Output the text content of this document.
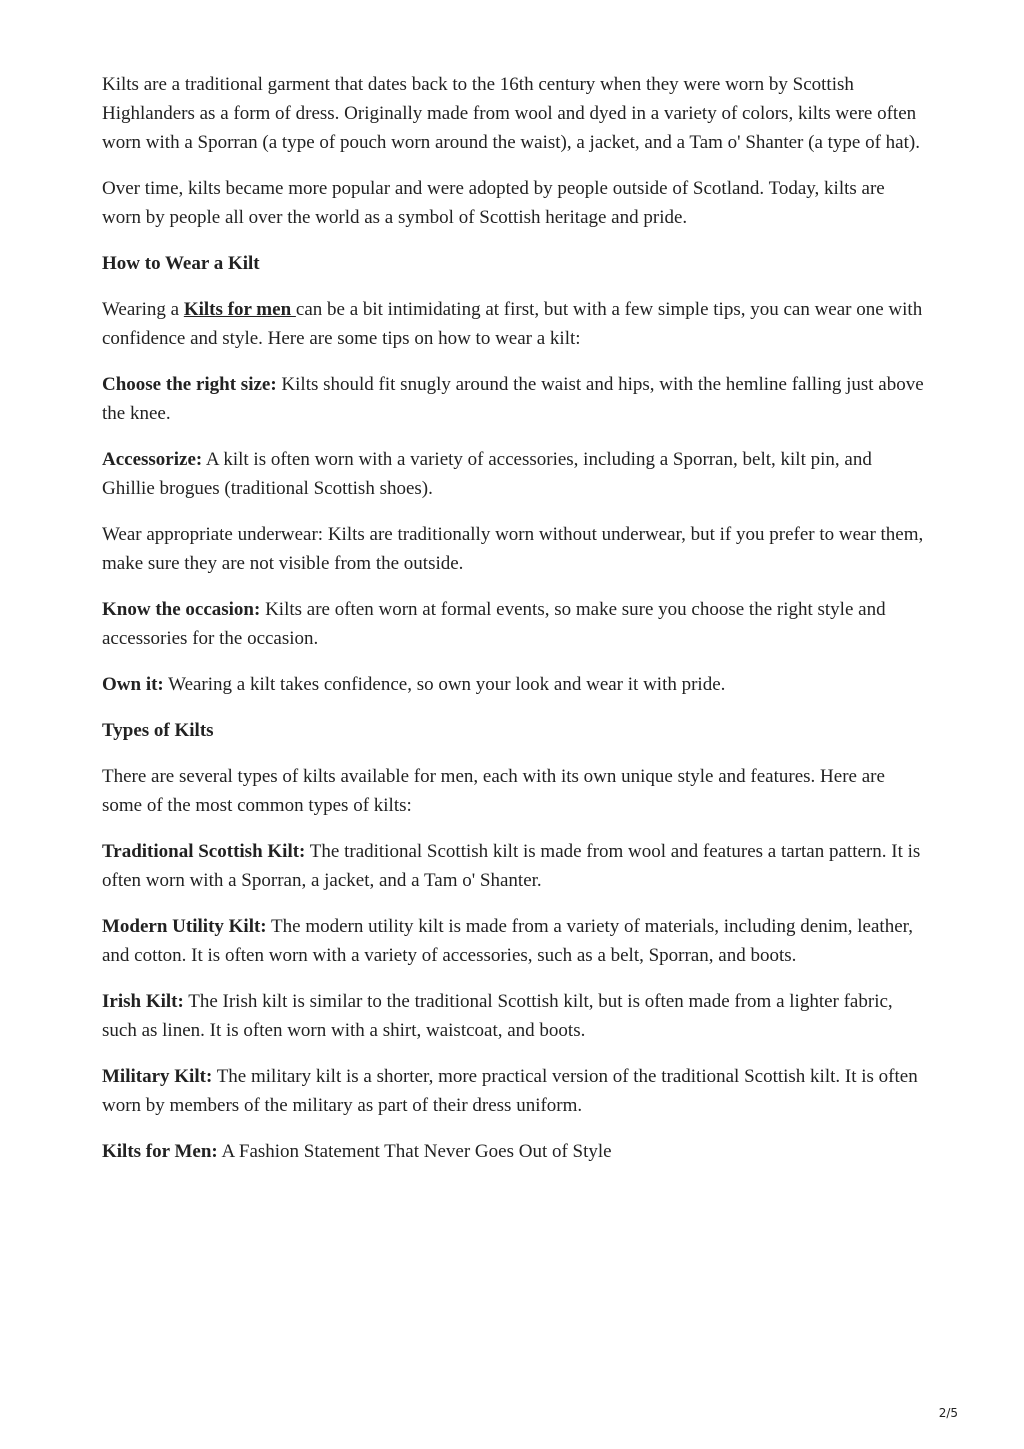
Kilts are a traditional garment that dates back to the 16th century when they were worn by Scottish Highlanders as a form of dress. Originally made from wool and dyed in a variety of colors, kilts were often worn with a Sporran (a type of pouch worn around the waist), a jacket, and a Tam o' Shanter (a type of hat).

Over time, kilts became more popular and were adopted by people outside of Scotland. Today, kilts are worn by people all over the world as a symbol of Scottish heritage and pride.

How to Wear a Kilt

Wearing a Kilts for men can be a bit intimidating at first, but with a few simple tips, you can wear one with confidence and style. Here are some tips on how to wear a kilt:

Choose the right size: Kilts should fit snugly around the waist and hips, with the hemline falling just above the knee.

Accessorize: A kilt is often worn with a variety of accessories, including a Sporran, belt, kilt pin, and Ghillie brogues (traditional Scottish shoes).

Wear appropriate underwear: Kilts are traditionally worn without underwear, but if you prefer to wear them, make sure they are not visible from the outside.

Know the occasion: Kilts are often worn at formal events, so make sure you choose the right style and accessories for the occasion.

Own it: Wearing a kilt takes confidence, so own your look and wear it with pride.

Types of Kilts

There are several types of kilts available for men, each with its own unique style and features. Here are some of the most common types of kilts:

Traditional Scottish Kilt: The traditional Scottish kilt is made from wool and features a tartan pattern. It is often worn with a Sporran, a jacket, and a Tam o' Shanter.

Modern Utility Kilt: The modern utility kilt is made from a variety of materials, including denim, leather, and cotton. It is often worn with a variety of accessories, such as a belt, Sporran, and boots.

Irish Kilt: The Irish kilt is similar to the traditional Scottish kilt, but is often made from a lighter fabric, such as linen. It is often worn with a shirt, waistcoat, and boots.

Military Kilt: The military kilt is a shorter, more practical version of the traditional Scottish kilt. It is often worn by members of the military as part of their dress uniform.

Kilts for Men: A Fashion Statement That Never Goes Out of Style

2/5
